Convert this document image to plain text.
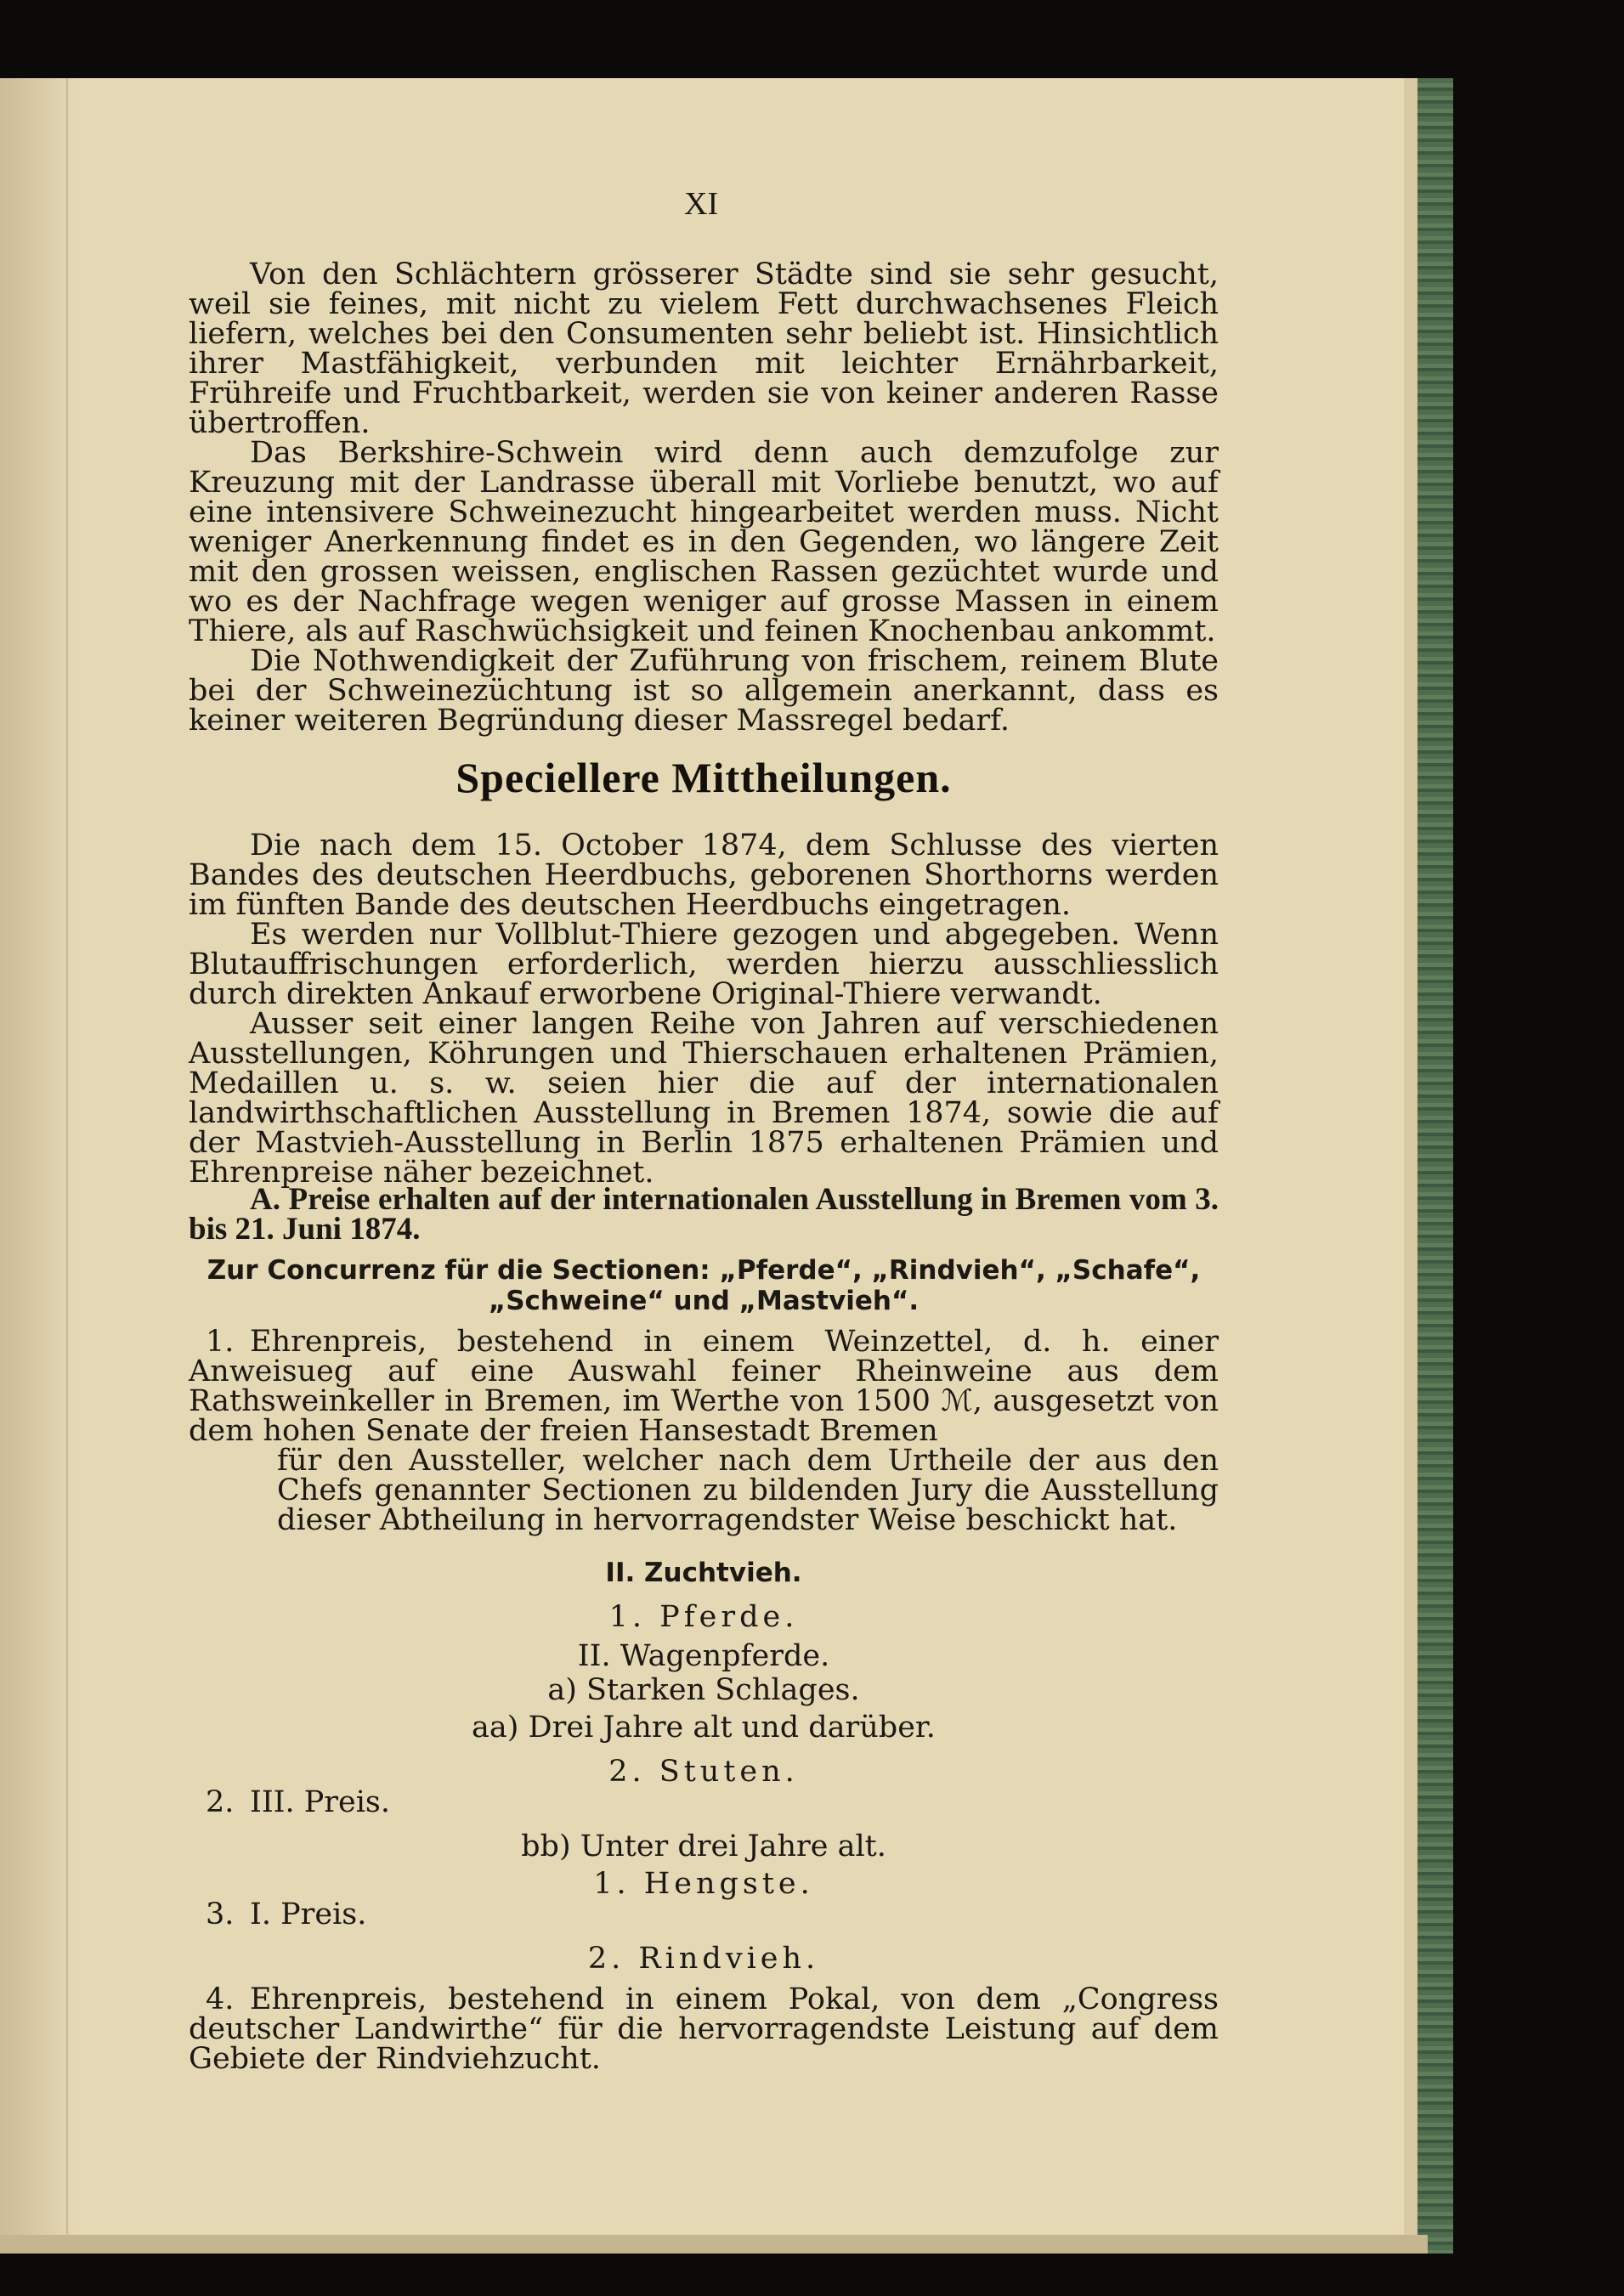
XI

Von den Schlächtern grösserer Städte sind sie sehr gesucht, weil sie feines, mit nicht zu vielem Fett durchwachsenes Fleich liefern, welches bei den Consumenten sehr beliebt ist. Hinsichtlich ihrer Mastfähigkeit, verbunden mit leichter Ernährbarkeit, Frühreife und Fruchtbarkeit, werden sie von keiner anderen Rasse übertroffen.

Das Berkshire-Schwein wird denn auch demzufolge zur Kreuzung mit der Landrasse überall mit Vorliebe benutzt, wo auf eine intensivere Schweinezucht hingearbeitet werden muss. Nicht weniger Anerkennung findet es in den Gegenden, wo längere Zeit mit den grossen weissen, englischen Rassen gezüchtet wurde und wo es der Nachfrage wegen weniger auf grosse Massen in einem Thiere, als auf Raschwüchsigkeit und feinen Knochenbau ankommt.

Die Nothwendigkeit der Zuführung von frischem, reinem Blute bei der Schweinezüchtung ist so allgemein anerkannt, dass es keiner weiteren Begründung dieser Massregel bedarf.

Speciellere Mittheilungen.

Die nach dem 15. October 1874, dem Schlusse des vierten Bandes des deutschen Heerdbuchs, geborenen Shorthorns werden im fünften Bande des deutschen Heerdbuchs eingetragen.

Es werden nur Vollblut-Thiere gezogen und abgegeben. Wenn Blutauffrischungen erforderlich, werden hierzu ausschliesslich durch direkten Ankauf erworbene Original-Thiere verwandt.

Ausser seit einer langen Reihe von Jahren auf verschiedenen Ausstellungen, Köhrungen und Thierschauen erhaltenen Prämien, Medaillen u. s. w. seien hier die auf der internationalen landwirthschaftlichen Ausstellung in Bremen 1874, sowie die auf der Mastvieh-Ausstellung in Berlin 1875 erhaltenen Prämien und Ehrenpreise näher bezeichnet.

A. Preise erhalten auf der internationalen Ausstellung in Bremen vom 3. bis 21. Juni 1874.
Zur Concurrenz für die Sectionen: „Pferde“, „Rindvieh“, „Schafe“,
„Schweine“ und „Mastvieh“.
1. Ehrenpreis, bestehend in einem Weinzettel, d. h. einer Anweisueg auf eine Auswahl feiner Rheinweine aus dem Rathsweinkeller in Bremen, im Werthe von 1500 ℳ, ausgesetzt von dem hohen Senate der freien Hansestadt Bremen

für den Aussteller, welcher nach dem Urtheile der aus den Chefs genannter Sectionen zu bildenden Jury die Ausstellung dieser Abtheilung in hervorragendster Weise beschickt hat.

II. Zuchtvieh.
1. Pferde.
II. Wagenpferde.
a) Starken Schlages.
aa) Drei Jahre alt und darüber.
2. Stuten.
2. III. Preis.
bb) Unter drei Jahre alt.
1. Hengste.
3. I. Preis.
2. Rindvieh.
4. Ehrenpreis, bestehend in einem Pokal, von dem „Congress deutscher Landwirthe“ für die hervorragendste Leistung auf dem Gebiete der Rindviehzucht.
